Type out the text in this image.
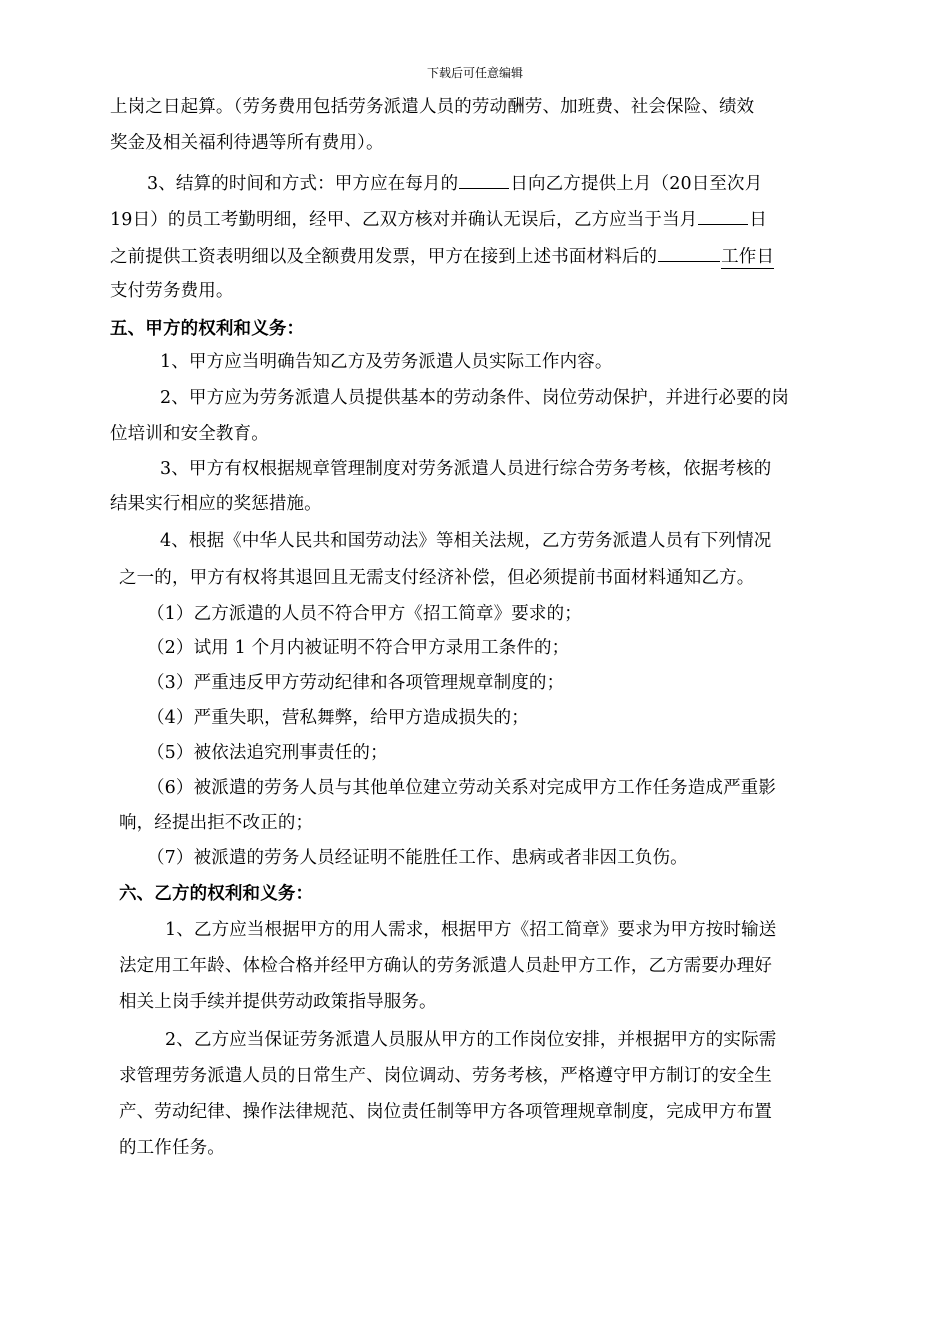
下载后可任意编辑
上岗之日起算。（劳务费用包括劳务派遣人员的劳动酬劳、加班费、社会保险、绩效
奖金及相关福利待遇等所有费用）。
3、结算的时间和方式：甲方应在每月的	日向乙方提供上月（20日至次月
19日）的员工考勤明细，经甲、乙双方核对并确认无误后，乙方应当于当月	日
之前提供工资表明细以及全额费用发票，甲方在接到上述书面材料后的	工作日
支付劳务费用。
五、甲方的权利和义务：
1、甲方应当明确告知乙方及劳务派遣人员实际工作内容。
2、甲方应为劳务派遣人员提供基本的劳动条件、岗位劳动保护，并进行必要的岗
位培训和安全教育。
3、甲方有权根据规章管理制度对劳务派遣人员进行综合劳务考核，依据考核的
结果实行相应的奖惩措施。
4、根据《中华人民共和国劳动法》等相关法规，乙方劳务派遣人员有下列情况
之一的，甲方有权将其退回且无需支付经济补偿，但必须提前书面材料通知乙方。
（1）乙方派遣的人员不符合甲方《招工简章》要求的；
（2）试用 1 个月内被证明不符合甲方录用工条件的；
（3）严重违反甲方劳动纪律和各项管理规章制度的；
（4）严重失职，营私舞弊，给甲方造成损失的；
（5）被依法追究刑事责任的；
（6）被派遣的劳务人员与其他单位建立劳动关系对完成甲方工作任务造成严重影
响，经提出拒不改正的；
（7）被派遣的劳务人员经证明不能胜任工作、患病或者非因工负伤。
六、乙方的权利和义务：
1、乙方应当根据甲方的用人需求，根据甲方《招工简章》要求为甲方按时输送
法定用工年龄、体检合格并经甲方确认的劳务派遣人员赴甲方工作，乙方需要办理好
相关上岗手续并提供劳动政策指导服务。
2、乙方应当保证劳务派遣人员服从甲方的工作岗位安排，并根据甲方的实际需
求管理劳务派遣人员的日常生产、岗位调动、劳务考核，严格遵守甲方制订的安全生
产、劳动纪律、操作法律规范、岗位责任制等甲方各项管理规章制度，完成甲方布置
的工作任务。
